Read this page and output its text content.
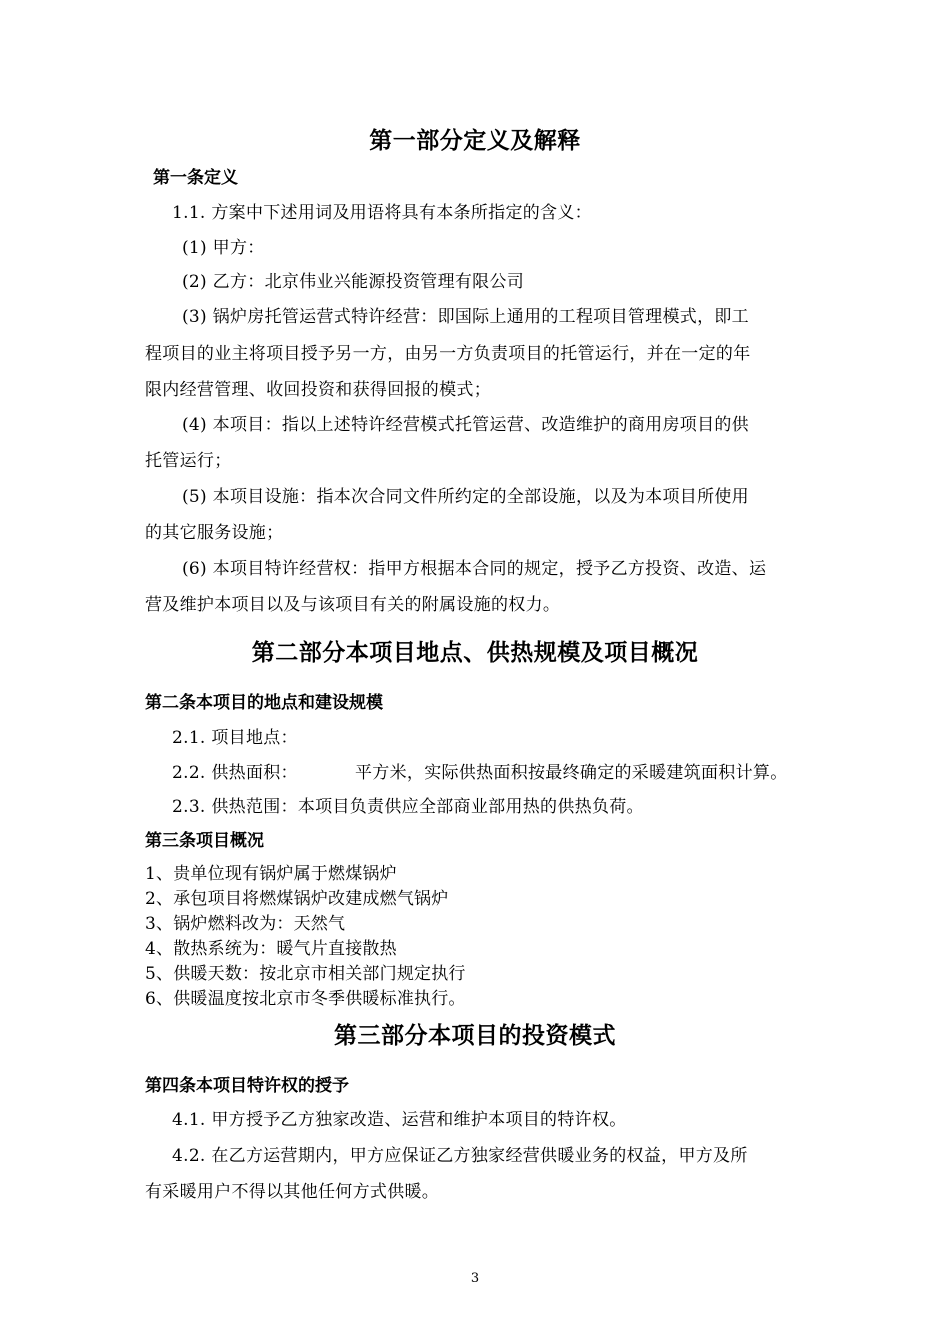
第一部分定义及解释
第一条定义
1.1. 方案中下述用词及用语将具有本条所指定的含义：
(1) 甲方：
(2) 乙方：北京伟业兴能源投资管理有限公司
(3) 锅炉房托管运营式特许经营：即国际上通用的工程项目管理模式，即工
程项目的业主将项目授予另一方，由另一方负责项目的托管运行，并在一定的年
限内经营管理、收回投资和获得回报的模式；
(4) 本项目：指以上述特许经营模式托管运营、改造维护的商用房项目的供
托管运行；
(5) 本项目设施：指本次合同文件所约定的全部设施，以及为本项目所使用
的其它服务设施；
(6) 本项目特许经营权：指甲方根据本合同的规定，授予乙方投资、改造、运
营及维护本项目以及与该项目有关的附属设施的权力。
第二部分本项目地点、供热规模及项目概况
第二条本项目的地点和建设规模
2.1. 项目地点：
2.2. 供热面积：	平方米，实际供热面积按最终确定的采暖建筑面积计算。
2.3. 供热范围：本项目负责供应全部商业部用热的供热负荷。
第三条项目概况
1、贵单位现有锅炉属于燃煤锅炉
2、承包项目将燃煤锅炉改建成燃气锅炉
3、锅炉燃料改为：天然气
4、散热系统为：暖气片直接散热
5、供暖天数：按北京市相关部门规定执行
6、供暖温度按北京市冬季供暖标准执行。
第三部分本项目的投资模式
第四条本项目特许权的授予
4.1. 甲方授予乙方独家改造、运营和维护本项目的特许权。
4.2. 在乙方运营期内，甲方应保证乙方独家经营供暖业务的权益，甲方及所
有采暖用户不得以其他任何方式供暖。
3
